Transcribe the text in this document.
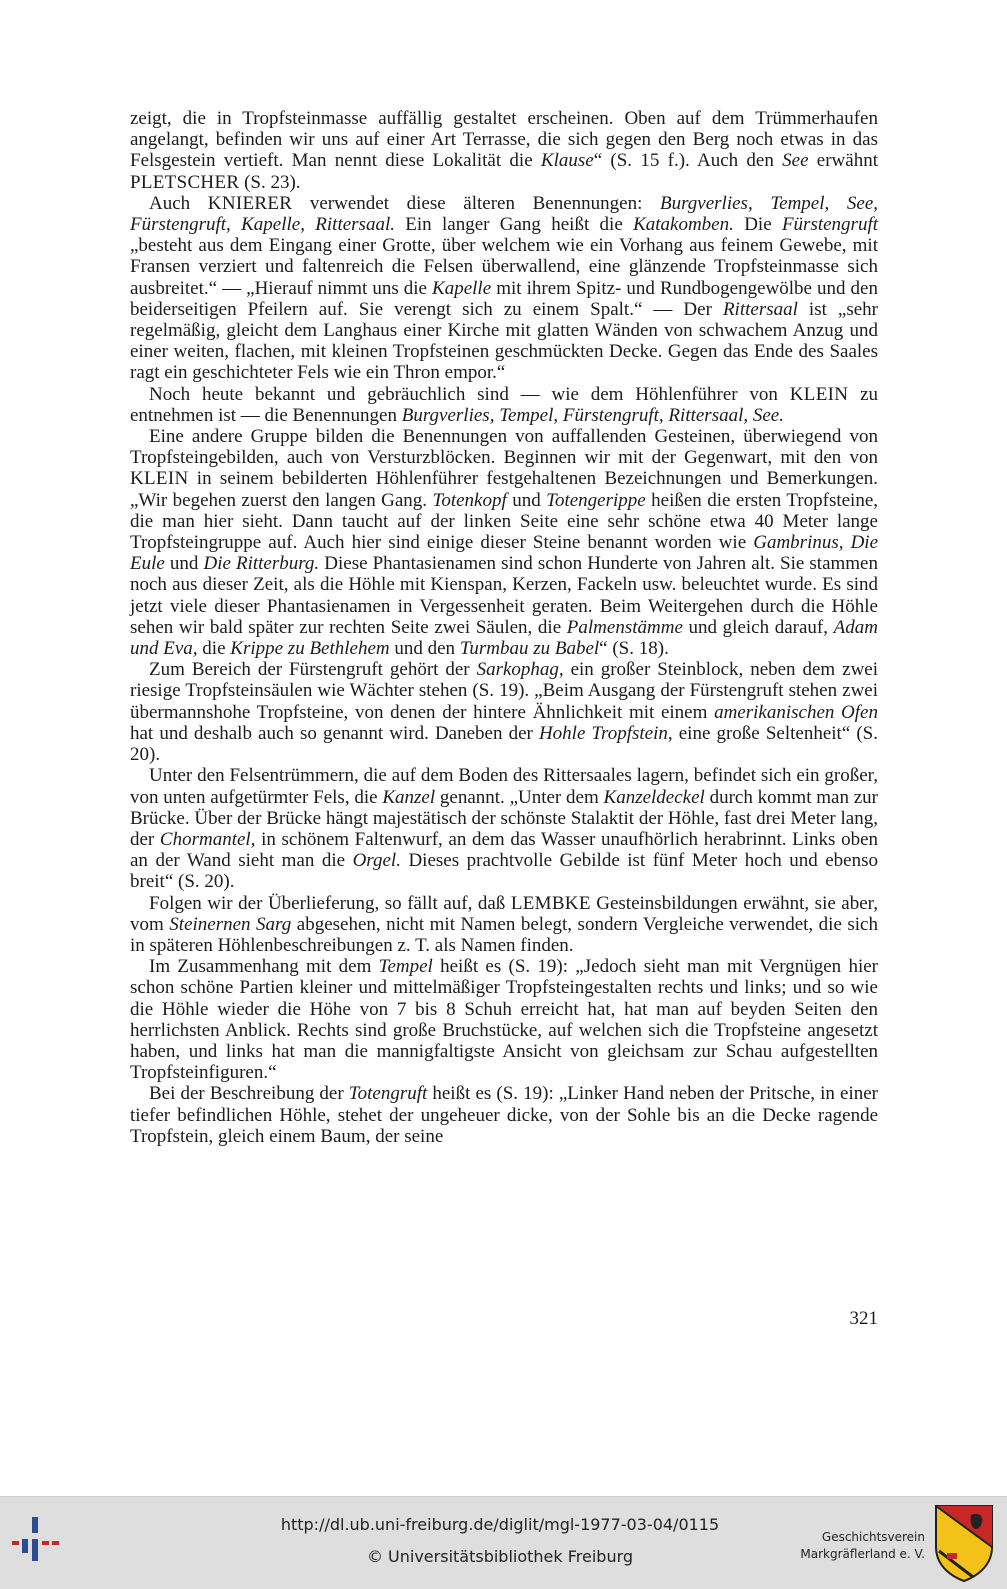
zeigt, die in Tropfsteinmasse auffällig gestaltet erscheinen. Oben auf dem Trümmerhaufen angelangt, befinden wir uns auf einer Art Terrasse, die sich gegen den Berg noch etwas in das Felsgestein vertieft. Man nennt diese Lokalität die Klause“ (S. 15 f.). Auch den See erwähnt PLETSCHER (S. 23).

Auch KNIERER verwendet diese älteren Benennungen: Burgverlies, Tempel, See, Fürstengruft, Kapelle, Rittersaal. Ein langer Gang heißt die Katakomben. Die Fürstengruft „besteht aus dem Eingang einer Grotte, über welchem wie ein Vorhang aus feinem Gewebe, mit Fransen verziert und faltenreich die Felsen überwallend, eine glänzende Tropfsteinmasse sich ausbreitet.“ — „Hierauf nimmt uns die Kapelle mit ihrem Spitz- und Rundbogengewölbe und den beiderseitigen Pfeilern auf. Sie verengt sich zu einem Spalt.“ — Der Rittersaal ist „sehr regelmäßig, gleicht dem Langhaus einer Kirche mit glatten Wänden von schwachem Anzug und einer weiten, flachen, mit kleinen Tropfsteinen geschmückten Decke. Gegen das Ende des Saales ragt ein geschichteter Fels wie ein Thron empor.“

Noch heute bekannt und gebräuchlich sind — wie dem Höhlenführer von KLEIN zu entnehmen ist — die Benennungen Burgverlies, Tempel, Fürstengruft, Rittersaal, See.

Eine andere Gruppe bilden die Benennungen von auffallenden Gesteinen, überwiegend von Tropfsteingebilden, auch von Versturzblöcken. Beginnen wir mit der Gegenwart, mit den von KLEIN in seinem bebilderten Höhlenführer festgehaltenen Bezeichnungen und Bemerkungen. „Wir begehen zuerst den langen Gang. Totenkopf und Totengerippe heißen die ersten Tropfsteine, die man hier sieht. Dann taucht auf der linken Seite eine sehr schöne etwa 40 Meter lange Tropfsteingruppe auf. Auch hier sind einige dieser Steine benannt worden wie Gambrinus, Die Eule und Die Ritterburg. Diese Phantasienamen sind schon Hunderte von Jahren alt. Sie stammen noch aus dieser Zeit, als die Höhle mit Kienspan, Kerzen, Fackeln usw. beleuchtet wurde. Es sind jetzt viele dieser Phantasienamen in Vergessenheit geraten. Beim Weitergehen durch die Höhle sehen wir bald später zur rechten Seite zwei Säulen, die Palmenstämme und gleich darauf, Adam und Eva, die Krippe zu Bethlehem und den Turmbau zu Babel“ (S. 18).

Zum Bereich der Fürstengruft gehört der Sarkophag, ein großer Steinblock, neben dem zwei riesige Tropfsteinsäulen wie Wächter stehen (S. 19). „Beim Ausgang der Fürstengruft stehen zwei übermannshohe Tropfsteine, von denen der hintere Ähnlichkeit mit einem amerikanischen Ofen hat und deshalb auch so genannt wird. Daneben der Hohle Tropfstein, eine große Seltenheit“ (S. 20).

Unter den Felsentrümmern, die auf dem Boden des Rittersaales lagern, befindet sich ein großer, von unten aufgetürmter Fels, die Kanzel genannt. „Unter dem Kanzeldeckel durch kommt man zur Brücke. Über der Brücke hängt majestätisch der schönste Stalaktit der Höhle, fast drei Meter lang, der Chormantel, in schönem Faltenwurf, an dem das Wasser unaufhörlich herabrinnt. Links oben an der Wand sieht man die Orgel. Dieses prachtvolle Gebilde ist fünf Meter hoch und ebenso breit“ (S. 20).

Folgen wir der Überlieferung, so fällt auf, daß LEMBKE Gesteinsbildungen erwähnt, sie aber, vom Steinernen Sarg abgesehen, nicht mit Namen belegt, sondern Vergleiche verwendet, die sich in späteren Höhlenbeschreibungen z. T. als Namen finden.

Im Zusammenhang mit dem Tempel heißt es (S. 19): „Jedoch sieht man mit Vergnügen hier schon schöne Partien kleiner und mittelmäßiger Tropfsteingestalten rechts und links; und so wie die Höhle wieder die Höhe von 7 bis 8 Schuh erreicht hat, hat man auf beyden Seiten den herrlichsten Anblick. Rechts sind große Bruchstücke, auf welchen sich die Tropfsteine angesetzt haben, und links hat man die mannigfaltigste Ansicht von gleichsam zur Schau aufgestellten Tropfsteinfiguren.“

Bei der Beschreibung der Totengruft heißt es (S. 19): „Linker Hand neben der Pritsche, in einer tiefer befindlichen Höhle, stehet der ungeheuer dicke, von der Sohle bis an die Decke ragende Tropfstein, gleich einem Baum, der seine

321
http://dl.ub.uni-freiburg.de/diglit/mgl-1977-03-04/0115
© Universitätsbibliothek Freiburg
Geschichtsverein
Markgräflerland e. V.
